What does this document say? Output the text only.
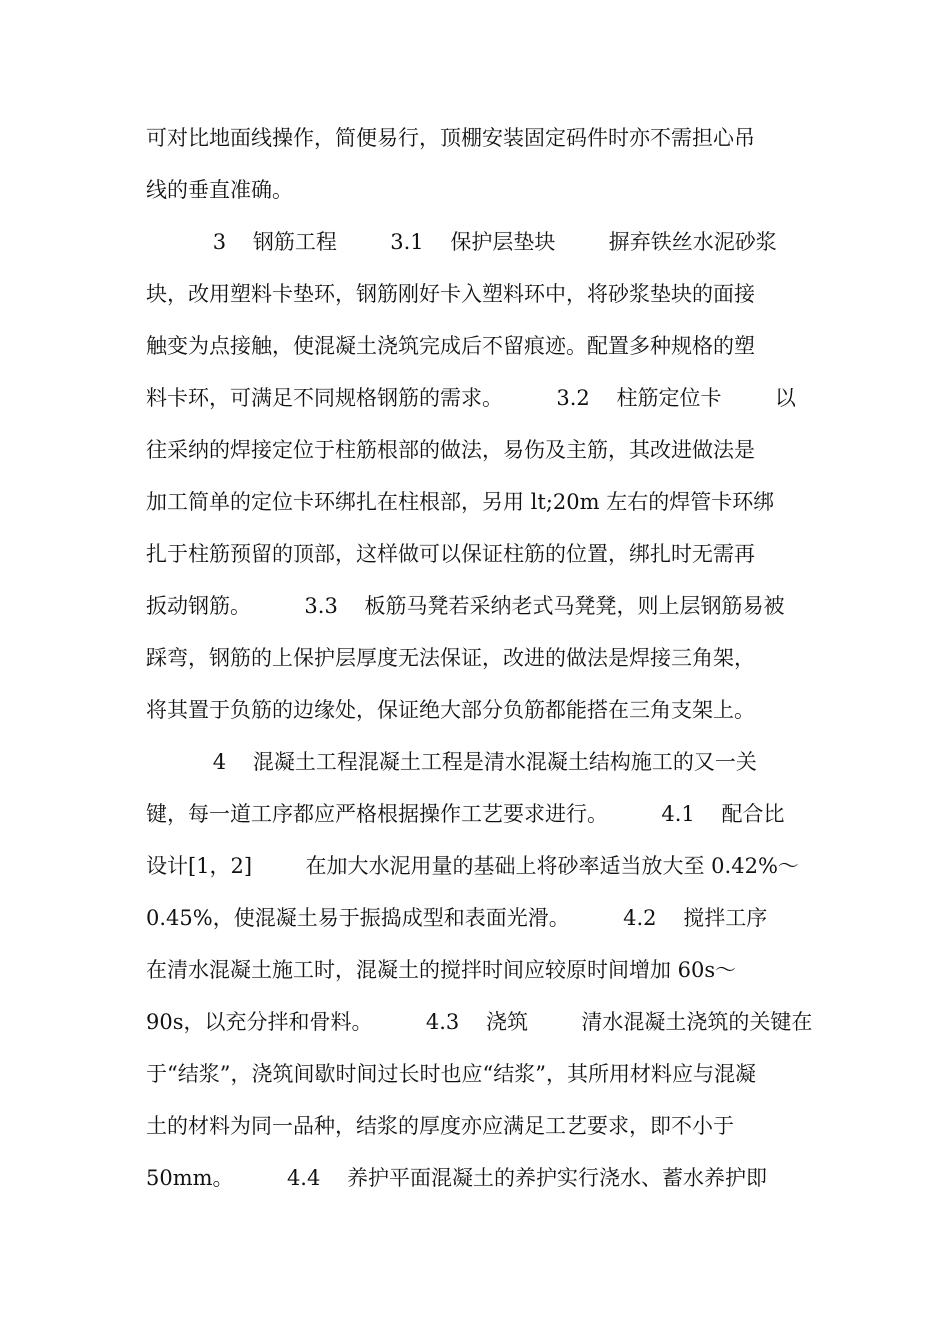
可对比地面线操作，简便易行，顶棚安装固定码件时亦不需担心吊
线的垂直准确。
3    钢筋工程        3.1    保护层垫块        摒弃铁丝水泥砂浆
块，改用塑料卡垫环，钢筋刚好卡入塑料环中，将砂浆垫块的面接
触变为点接触，使混凝土浇筑完成后不留痕迹。配置多种规格的塑
料卡环，可满足不同规格钢筋的需求。        3.2    柱筋定位卡        以
往采纳的焊接定位于柱筋根部的做法，易伤及主筋，其改进做法是
加工简单的定位卡环绑扎在柱根部，另用 lt;20m 左右的焊管卡环绑
扎于柱筋预留的顶部，这样做可以保证柱筋的位置，绑扎时无需再
扳动钢筋。        3.3    板筋马凳若采纳老式马凳凳，则上层钢筋易被
踩弯，钢筋的上保护层厚度无法保证，改进的做法是焊接三角架，
将其置于负筋的边缘处，保证绝大部分负筋都能搭在三角支架上。
4    混凝土工程混凝土工程是清水混凝土结构施工的又一关
键，每一道工序都应严格根据操作工艺要求进行。        4.1    配合比
设计[1，2]        在加大水泥用量的基础上将砂率适当放大至 0.42%～
0.45%，使混凝土易于振捣成型和表面光滑。        4.2    搅拌工序
在清水混凝土施工时，混凝土的搅拌时间应较原时间增加 60s～
90s，以充分拌和骨料。        4.3    浇筑        清水混凝土浇筑的关键在
于“结浆”，浇筑间歇时间过长时也应“结浆”，其所用材料应与混凝
土的材料为同一品种，结浆的厚度亦应满足工艺要求，即不小于
50mm。        4.4    养护平面混凝土的养护实行浇水、蓄水养护即
